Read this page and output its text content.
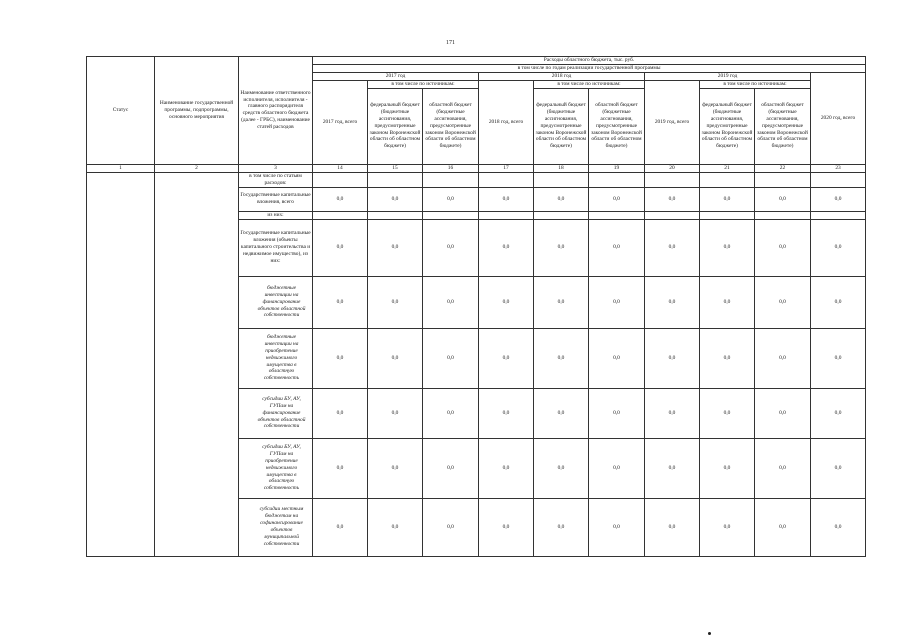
171
Статус	Наименование государственной программы, подпрограммы, основного мероприятия	Наименование ответственного исполнителя, исполнителя - главного распорядителя средств областного бюджета (далее - ГРБС), наименование статей расходов	Расходы областного бюджета, тыс. руб.									
			в том числе по годам реализации государственной программы									
			2017 год			2018 год			2019 год			2020 год, всего
			2017 год, всего	в том числе по источникам:		2018 год, всего	в том числе по источникам:		2019 год, всего	в том числе по источникам:		
				федеральный бюджет (бюджетные ассигнования, предусмотренные законом Воронежской области об областном бюджете)	областной бюджет (бюджетные ассигнования, предусмотренные законом Воронежской области об областном бюджете)		федеральный бюджет (бюджетные ассигнования, предусмотренные законом Воронежской области об областном бюджете)	областной бюджет (бюджетные ассигнования, предусмотренные законом Воронежской области об областном бюджете)		федеральный бюджет (бюджетные ассигнования, предусмотренные законом Воронежской области об областном бюджете)	областной бюджет (бюджетные ассигнования, предусмотренные законом Воронежской области об областном бюджете)	
1	2	3	14	15	16	17	18	19	20	21	22	23
		в том числе по статьям расходов:										
		Государственные капитальные вложения, всего	0,0	0,0	0,0	0,0	0,0	0,0	0,0	0,0	0,0	0,0
		из них:										
		Государственные капитальные вложения (объекты капитального строительства и недвижимое имущество), из них:	0,0	0,0	0,0	0,0	0,0	0,0	0,0	0,0	0,0	0,0
		бюджетные инвестиции на финансирование объектов областной собственности	0,0	0,0	0,0	0,0	0,0	0,0	0,0	0,0	0,0	0,0
		бюджетные инвестиции на приобретение недвижимого имущества в областную собственность	0,0	0,0	0,0	0,0	0,0	0,0	0,0	0,0	0,0	0,0
		субсидии БУ, АУ, ГУПам на финансирование объектов областной собственности	0,0	0,0	0,0	0,0	0,0	0,0	0,0	0,0	0,0	0,0
		субсидии БУ, АУ, ГУПам на приобретение недвижимого имущества в областную собственность	0,0	0,0	0,0	0,0	0,0	0,0	0,0	0,0	0,0	0,0
		субсидии местным бюджетам на софинансирование объектов муниципальной собственности	0,0	0,0	0,0	0,0	0,0	0,0	0,0	0,0	0,0	0,0
